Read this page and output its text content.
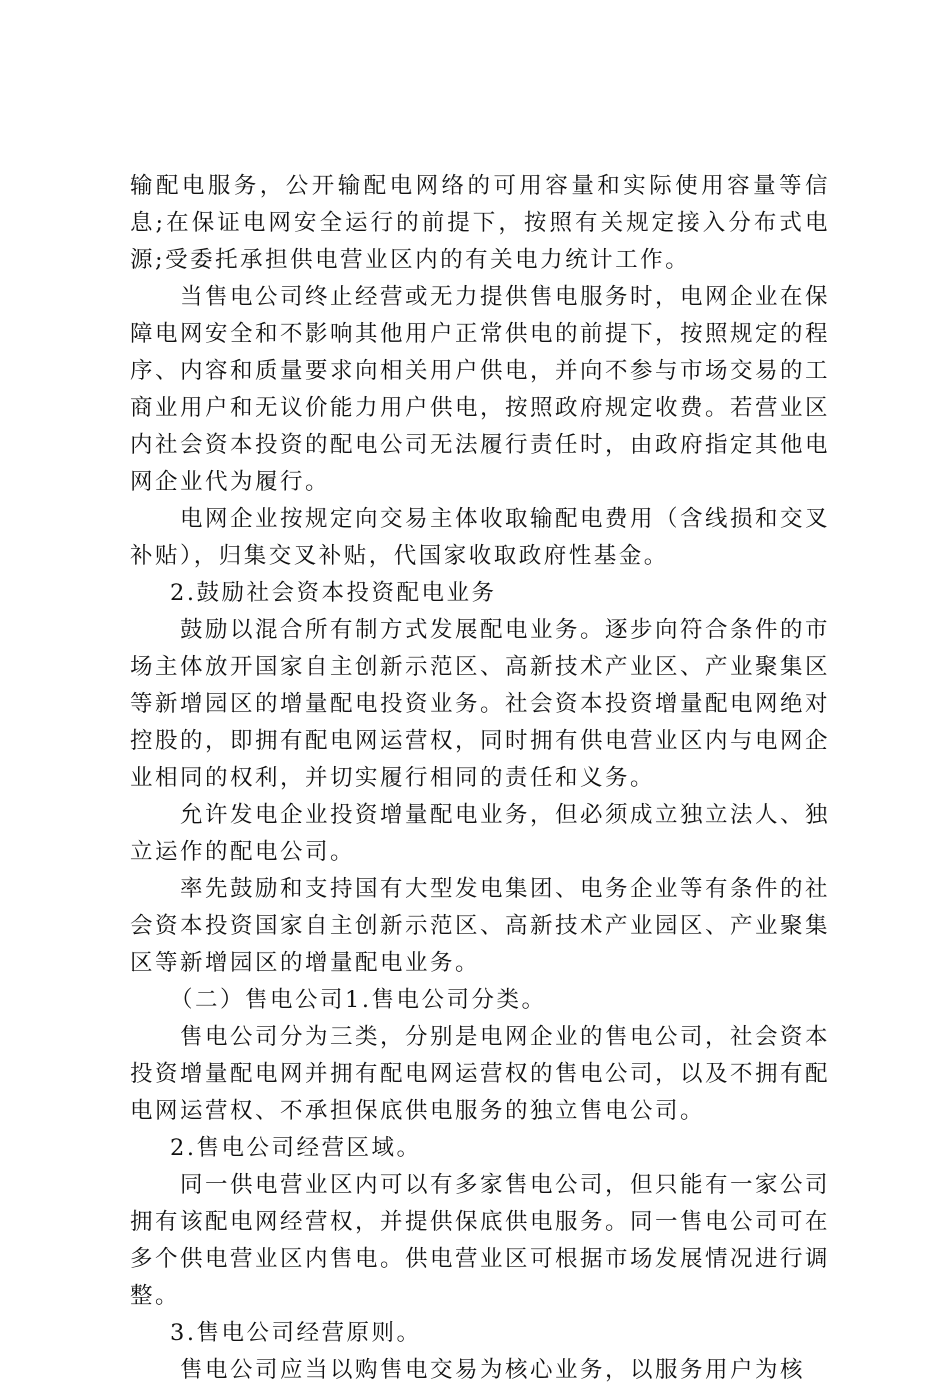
输配电服务，公开输配电网络的可用容量和实际使用容量等信息;在保证电网安全运行的前提下，按照有关规定接入分布式电源;受委托承担供电营业区内的有关电力统计工作。

当售电公司终止经营或无力提供售电服务时，电网企业在保障电网安全和不影响其他用户正常供电的前提下，按照规定的程序、内容和质量要求向相关用户供电，并向不参与市场交易的工商业用户和无议价能力用户供电，按照政府规定收费。若营业区内社会资本投资的配电公司无法履行责任时，由政府指定其他电网企业代为履行。

电网企业按规定向交易主体收取输配电费用（含线损和交叉补贴），归集交叉补贴，代国家收取政府性基金。

2.鼓励社会资本投资配电业务

鼓励以混合所有制方式发展配电业务。逐步向符合条件的市场主体放开国家自主创新示范区、高新技术产业区、产业聚集区等新增园区的增量配电投资业务。社会资本投资增量配电网绝对控股的，即拥有配电网运营权，同时拥有供电营业区内与电网企业相同的权利，并切实履行相同的责任和义务。

允许发电企业投资增量配电业务，但必须成立独立法人、独立运作的配电公司。

率先鼓励和支持国有大型发电集团、电务企业等有条件的社会资本投资国家自主创新示范区、高新技术产业园区、产业聚集区等新增园区的增量配电业务。

（二）售电公司1.售电公司分类。

售电公司分为三类，分别是电网企业的售电公司，社会资本投资增量配电网并拥有配电网运营权的售电公司，以及不拥有配电网运营权、不承担保底供电服务的独立售电公司。

2.售电公司经营区域。

同一供电营业区内可以有多家售电公司，但只能有一家公司拥有该配电网经营权，并提供保底供电服务。同一售电公司可在多个供电营业区内售电。供电营业区可根据市场发展情况进行调整。

3.售电公司经营原则。

售电公司应当以购售电交易为核心业务，以服务用户为核
